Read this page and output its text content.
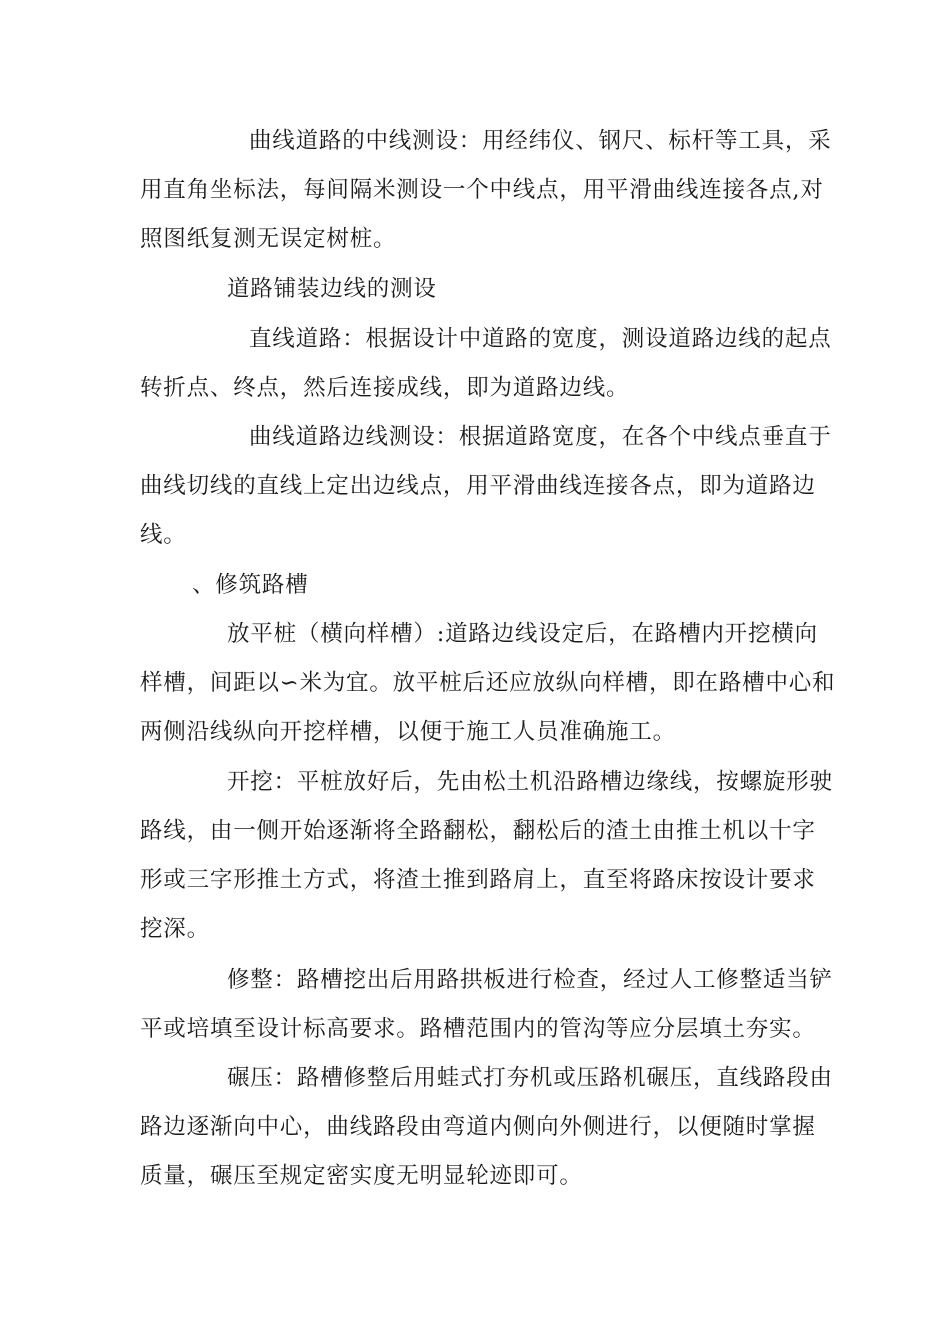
曲线道路的中线测设：用经纬仪、钢尺、标杆等工具，采
用直角坐标法，每间隔米测设一个中线点，用平滑曲线连接各点,对
照图纸复测无误定树桩。
道路铺装边线的测设
直线道路：根据设计中道路的宽度，测设道路边线的起点
转折点、终点，然后连接成线，即为道路边线。
曲线道路边线测设：根据道路宽度，在各个中线点垂直于
曲线切线的直线上定出边线点，用平滑曲线连接各点，即为道路边
线。
、修筑路槽
放平桩（横向样槽）:道路边线设定后，在路槽内开挖横向
样槽，间距以∽米为宜。放平桩后还应放纵向样槽，即在路槽中心和
两侧沿线纵向开挖样槽，以便于施工人员准确施工。
开挖：平桩放好后，先由松土机沿路槽边缘线，按螺旋形驶
路线，由一侧开始逐渐将全路翻松，翻松后的渣土由推土机以十字
形或三字形推土方式，将渣土推到路肩上，直至将路床按设计要求
挖深。
修整：路槽挖出后用路拱板进行检查，经过人工修整适当铲
平或培填至设计标高要求。路槽范围内的管沟等应分层填土夯实。
碾压：路槽修整后用蛙式打夯机或压路机碾压，直线路段由
路边逐渐向中心，曲线路段由弯道内侧向外侧进行，以便随时掌握
质量，碾压至规定密实度无明显轮迹即可。
